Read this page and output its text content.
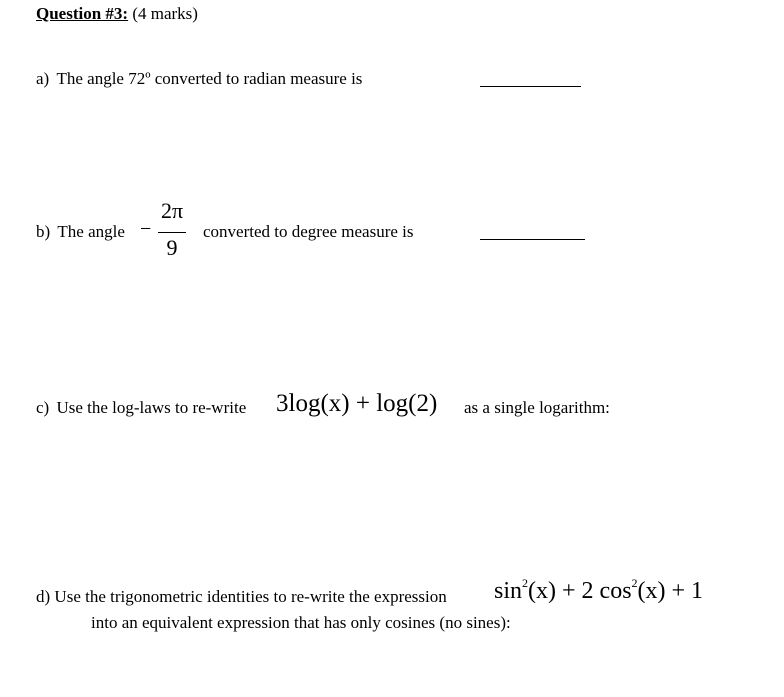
Question #3: (4 marks)
a) The angle 72º converted to radian measure is
b) The angle −
2π
9
converted to degree measure is
c) Use the log-laws to re-write 3log(x) + log(2) as a single logarithm:
d) Use the trigonometric identities to re-write the expression $\sin^2(x) + 2$ $\cos^2(x) + 1$
into an equivalent expression that has only cosines (no sines):
